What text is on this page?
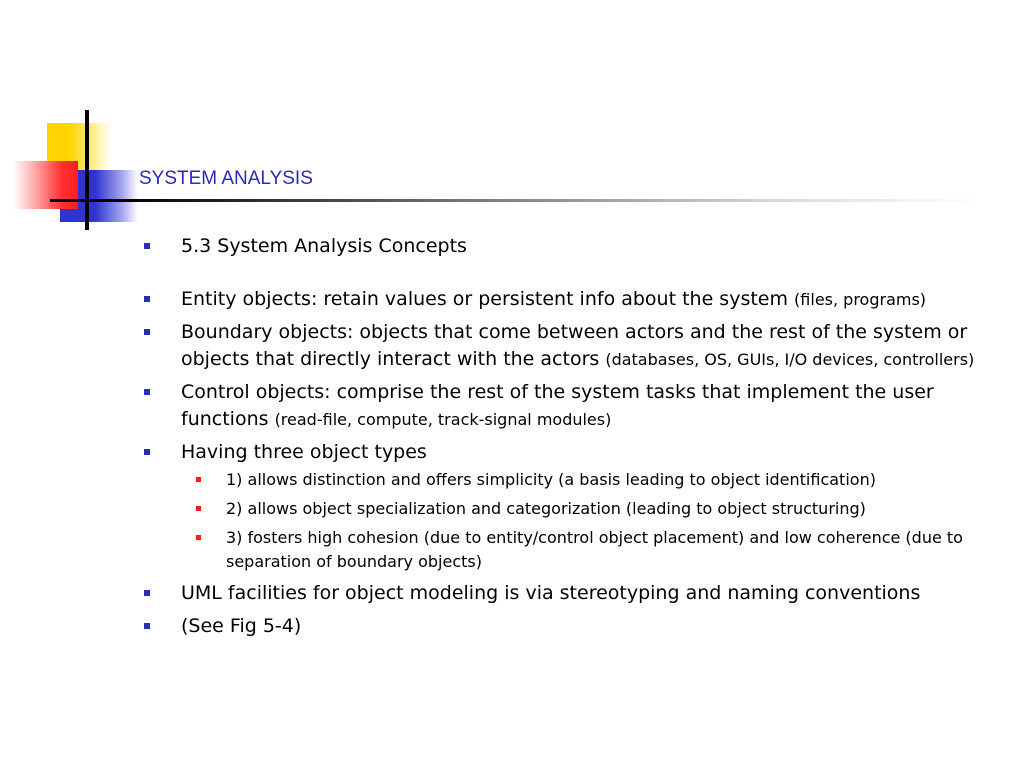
SYSTEM ANALYSIS
5.3 System Analysis Concepts
Entity objects: retain values or persistent info about the system (files, programs)
Boundary objects: objects that come between actors and the rest of the system or objects that directly interact with the actors (databases, OS, GUIs, I/O devices, controllers)
Control objects: comprise the rest of the system tasks that implement the user functions (read-file, compute, track-signal modules)
Having three object types
1) allows distinction and offers simplicity (a basis leading to object identification)
2) allows object specialization and categorization (leading to object structuring)
3) fosters high cohesion (due to entity/control object placement) and low coherence (due to separation of boundary objects)
UML facilities for object modeling is via stereotyping and naming conventions
(See Fig 5-4)
